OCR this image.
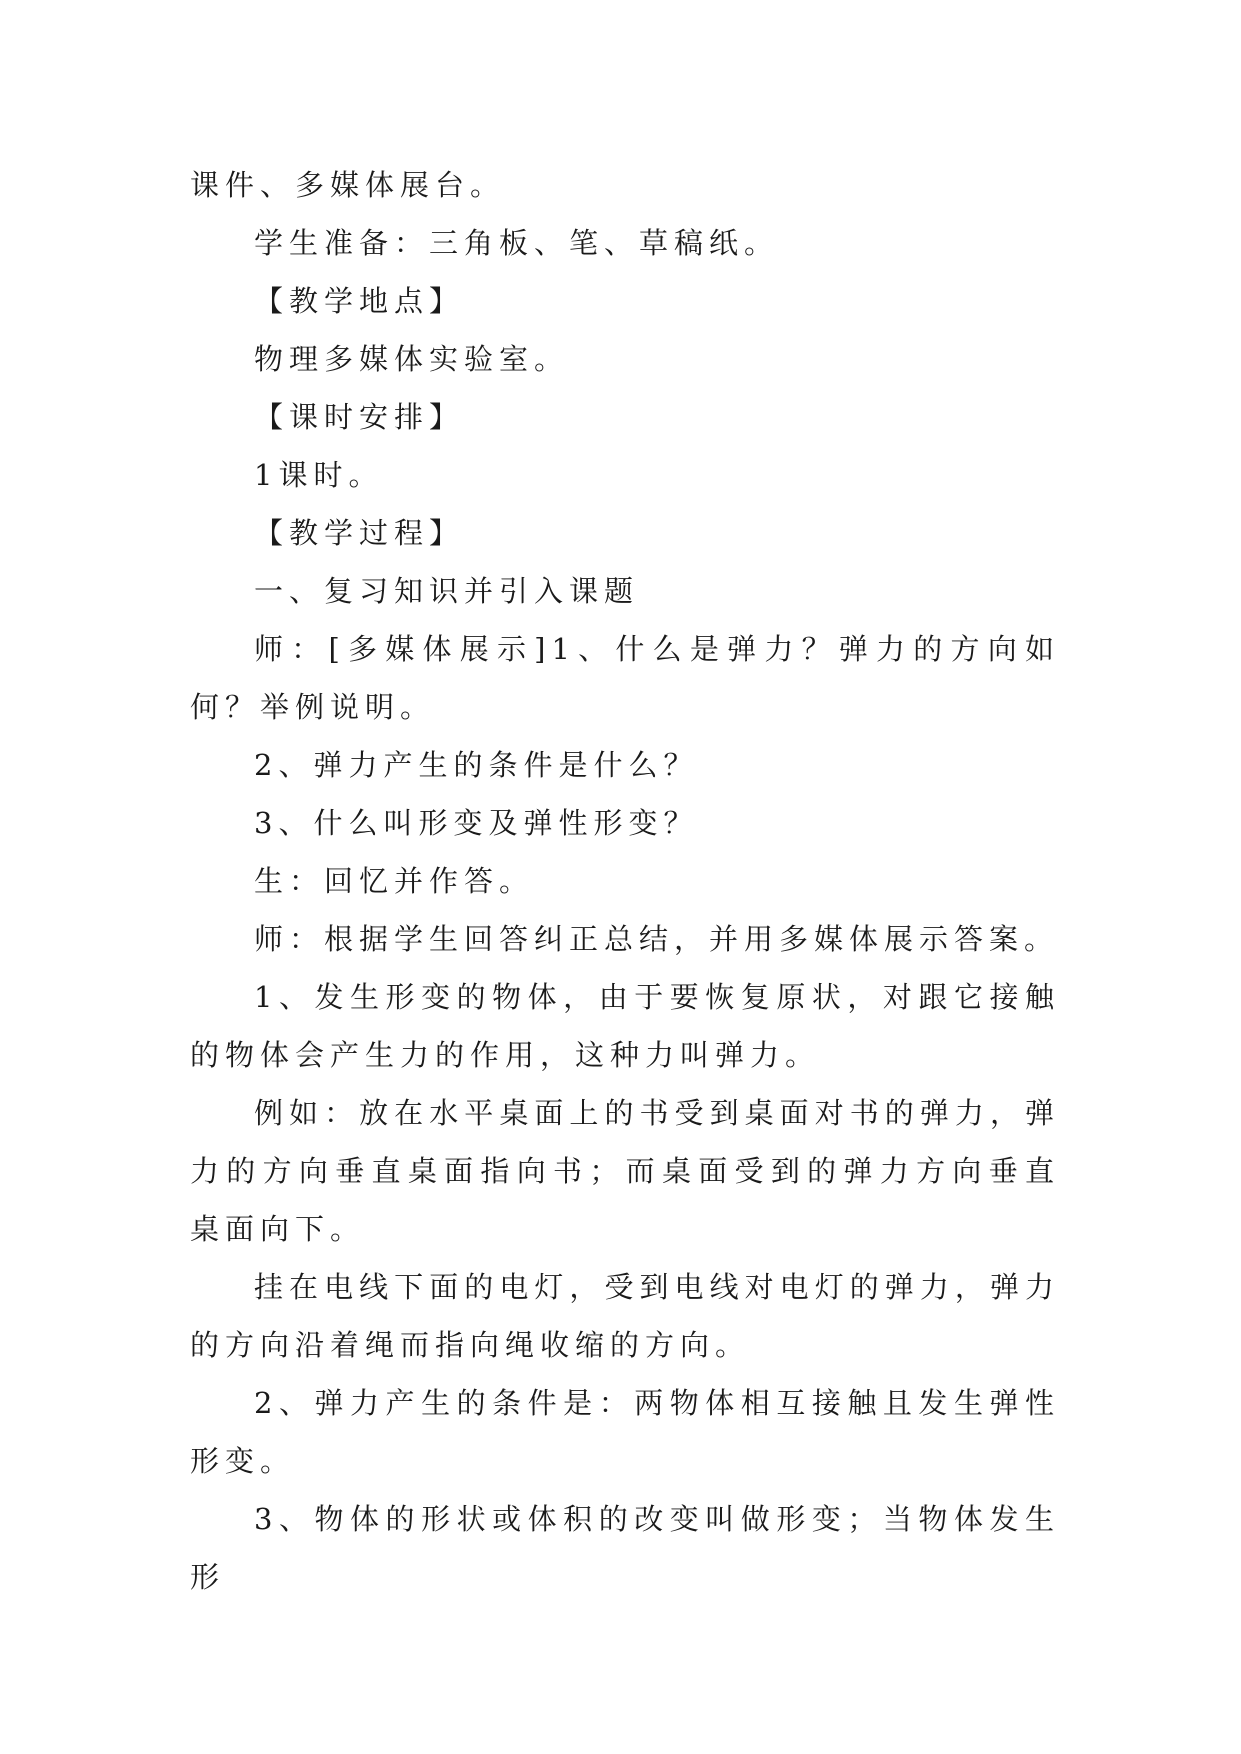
课件、多媒体展台。

学生准备：三角板、笔、草稿纸。

【教学地点】

物理多媒体实验室。

【课时安排】

1课时。

【教学过程】

一、复习知识并引入课题

师：[多媒体展示]1、什么是弹力？弹力的方向如何？举例说明。

2、弹力产生的条件是什么？

3、什么叫形变及弹性形变？

生：回忆并作答。

师：根据学生回答纠正总结，并用多媒体展示答案。

1、发生形变的物体，由于要恢复原状，对跟它接触的物体会产生力的作用，这种力叫弹力。

例如：放在水平桌面上的书受到桌面对书的弹力，弹力的方向垂直桌面指向书；而桌面受到的弹力方向垂直桌面向下。

挂在电线下面的电灯，受到电线对电灯的弹力，弹力的方向沿着绳而指向绳收缩的方向。

2、弹力产生的条件是：两物体相互接触且发生弹性形变。

3、物体的形状或体积的改变叫做形变；当物体发生形
